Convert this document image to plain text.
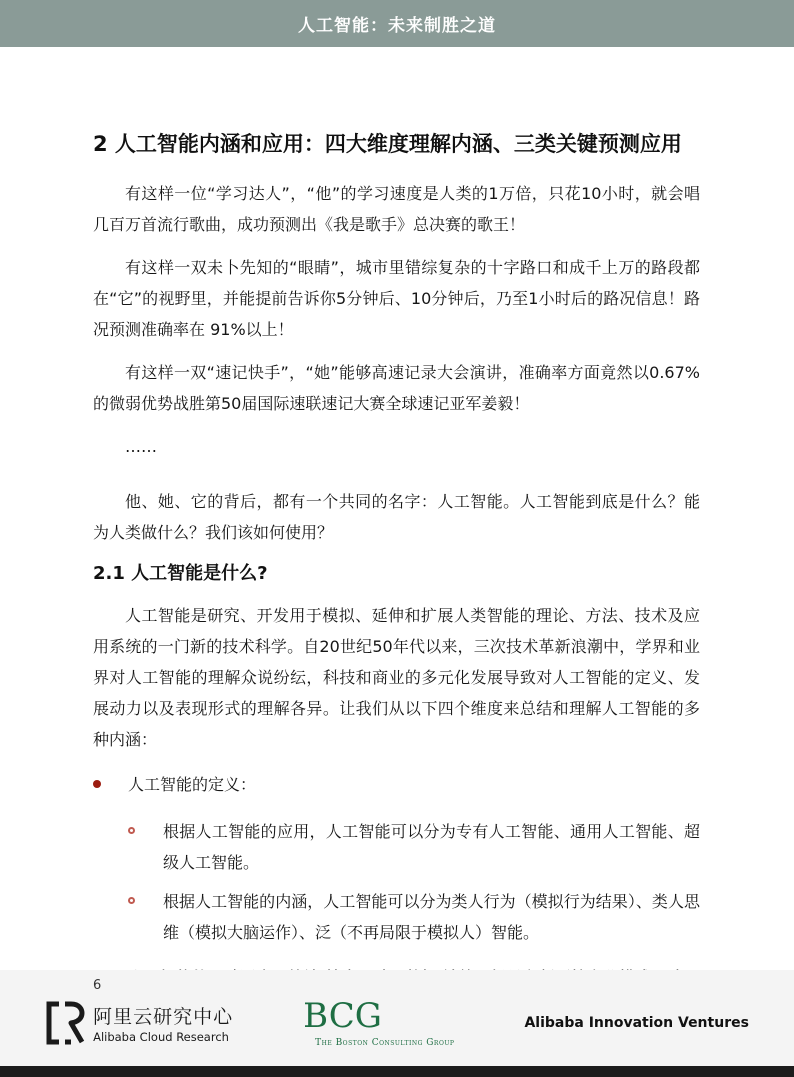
人工智能：未来制胜之道
2 人工智能内涵和应用：四大维度理解内涵、三类关键预测应用

有这样一位“学习达人”，“他”的学习速度是人类的1万倍，只花10小时，就会唱几百万首流行歌曲，成功预测出《我是歌手》总决赛的歌王！

有这样一双未卜先知的“眼睛”，城市里错综复杂的十字路口和成千上万的路段都在“它”的视野里，并能提前告诉你5分钟后、10分钟后，乃至1小时后的路况信息！路况预测准确率在 91%以上！

有这样一双“速记快手”，“她”能够高速记录大会演讲，准确率方面竟然以0.67%的微弱优势战胜第50届国际速联速记大赛全球速记亚军姜毅！

……

他、她、它的背后，都有一个共同的名字：人工智能。人工智能到底是什么？能为人类做什么？我们该如何使用？

2.1 人工智能是什么?

人工智能是研究、开发用于模拟、延伸和扩展人类智能的理论、方法、技术及应用系统的一门新的技术科学。自20世纪50年代以来，三次技术革新浪潮中，学界和业界对人工智能的理解众说纷纭，科技和商业的多元化发展导致对人工智能的定义、发展动力以及表现形式的理解各异。让我们从以下四个维度来总结和理解人工智能的多种内涵：

人工智能的定义：
根据人工智能的应用，人工智能可以分为专有人工智能、通用人工智能、超级人工智能。
根据人工智能的内涵，人工智能可以分为类人行为（模拟行为结果）、类人思维（模拟大脑运作）、泛（不再局限于模拟人）智能。
6
阿里云研究中心
Alibaba Cloud Research
BCG
The Boston Consulting Group
Alibaba Innovation Ventures
